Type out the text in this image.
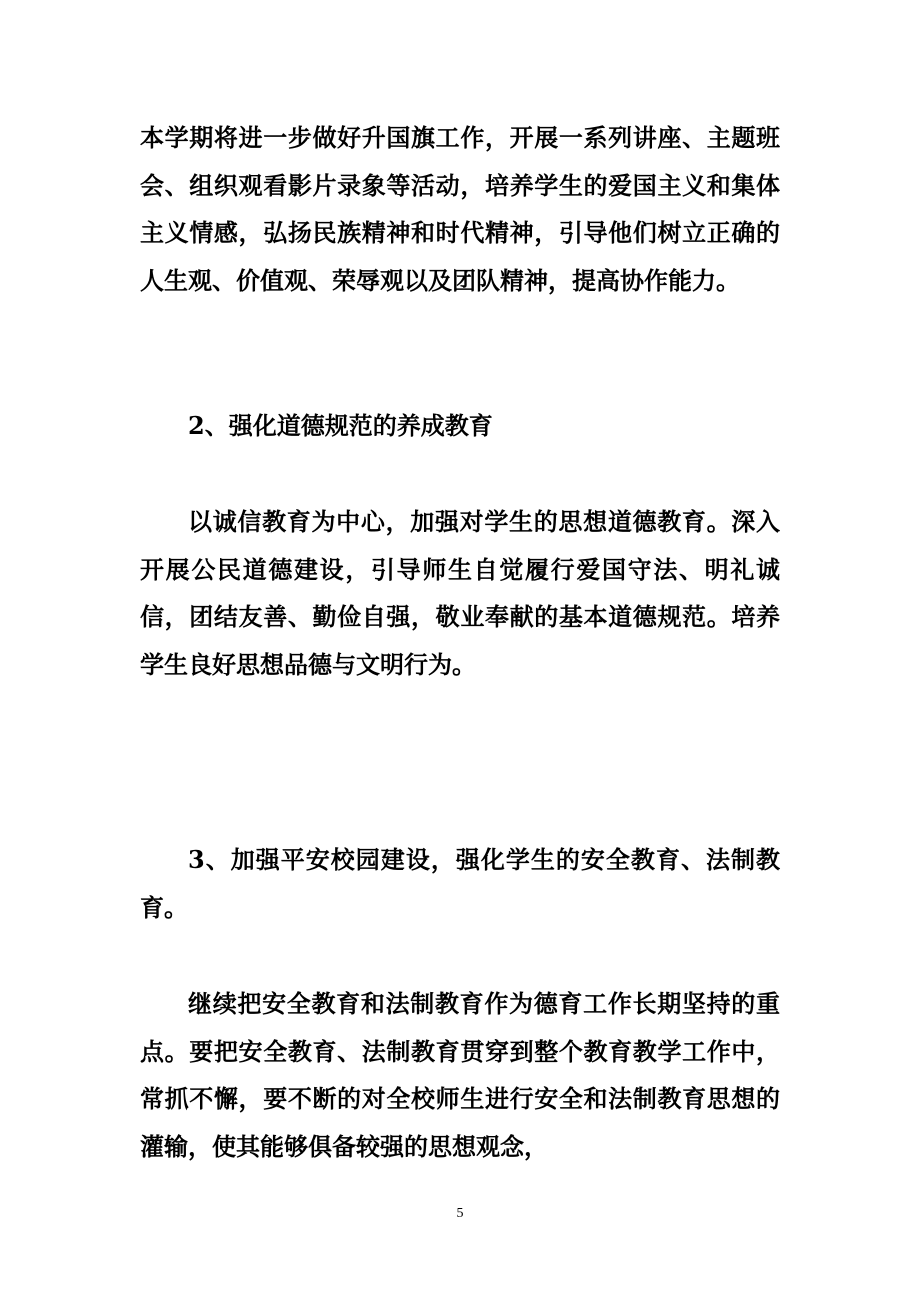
本学期将进一步做好升国旗工作，开展一系列讲座、主题班会、组织观看影片录象等活动，培养学生的爱国主义和集体主义情感，弘扬民族精神和时代精神，引导他们树立正确的人生观、价值观、荣辱观以及团队精神，提高协作能力。

2、强化道德规范的养成教育

以诚信教育为中心，加强对学生的思想道德教育。深入开展公民道德建设，引导师生自觉履行爱国守法、明礼诚信，团结友善、勤俭自强，敬业奉献的基本道德规范。培养学生良好思想品德与文明行为。

3、加强平安校园建设，强化学生的安全教育、法制教育。

继续把安全教育和法制教育作为德育工作长期坚持的重点。要把安全教育、法制教育贯穿到整个教育教学工作中，常抓不懈，要不断的对全校师生进行安全和法制教育思想的灌输，使其能够俱备较强的思想观念，

5
